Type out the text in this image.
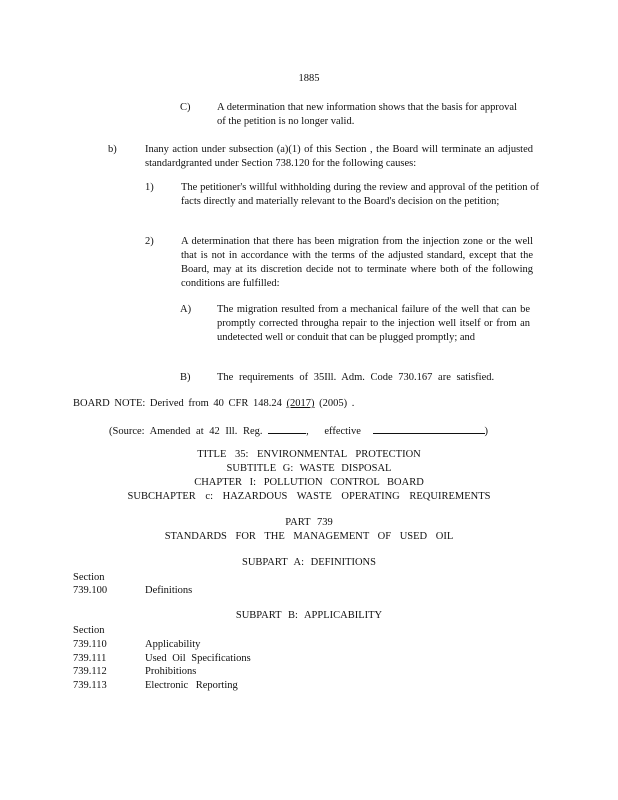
1885
C)	A determination that new information shows that the basis for approval of the petition is no longer valid.
b)	Inany action under subsection (a)(1) of this Section , the Board will terminate an adjusted standardgranted under Section 738.120 for the following causes:
1)	The petitioner's willful withholding during the review and approval of the petition of facts directly and materially relevant to the Board's decision on the petition;
2)	A determination that there has been migration from the injection zone or the well that is not in accordance with the terms of the adjusted standard, except that the Board, may at its discretion decide not to terminate where both of the following conditions are fulfilled:
A) The migration resulted from a mechanical failure of the well that can be promptly corrected througha repair to the injection well itself or from an undetected well or conduit that can be plugged promptly; and
B)	The requirements of 35Ill. Adm. Code 730.167 are satisfied.
BOARD NOTE: Derived from 40 CFR 148.24 (2017) (2005) .
(Source: Amended at 42 Ill. Reg.	, effective	)
TITLE 35: ENVIRONMENTAL PROTECTION
SUBTITLE G: WASTE DISPOSAL
CHAPTER I: POLLUTION CONTROL BOARD
SUBCHAPTER c: HAZARDOUS WASTE OPERATING REQUIREMENTS
PART 739
STANDARDS FOR THE MANAGEMENT OF USED OIL
SUBPART A: DEFINITIONS
Section
739.100	Definitions
SUBPART B: APPLICABILITY
Section
739.110	Applicability
739.111	Used Oil Specifications
739.112	Prohibitions
739.113	Electronic Reporting
